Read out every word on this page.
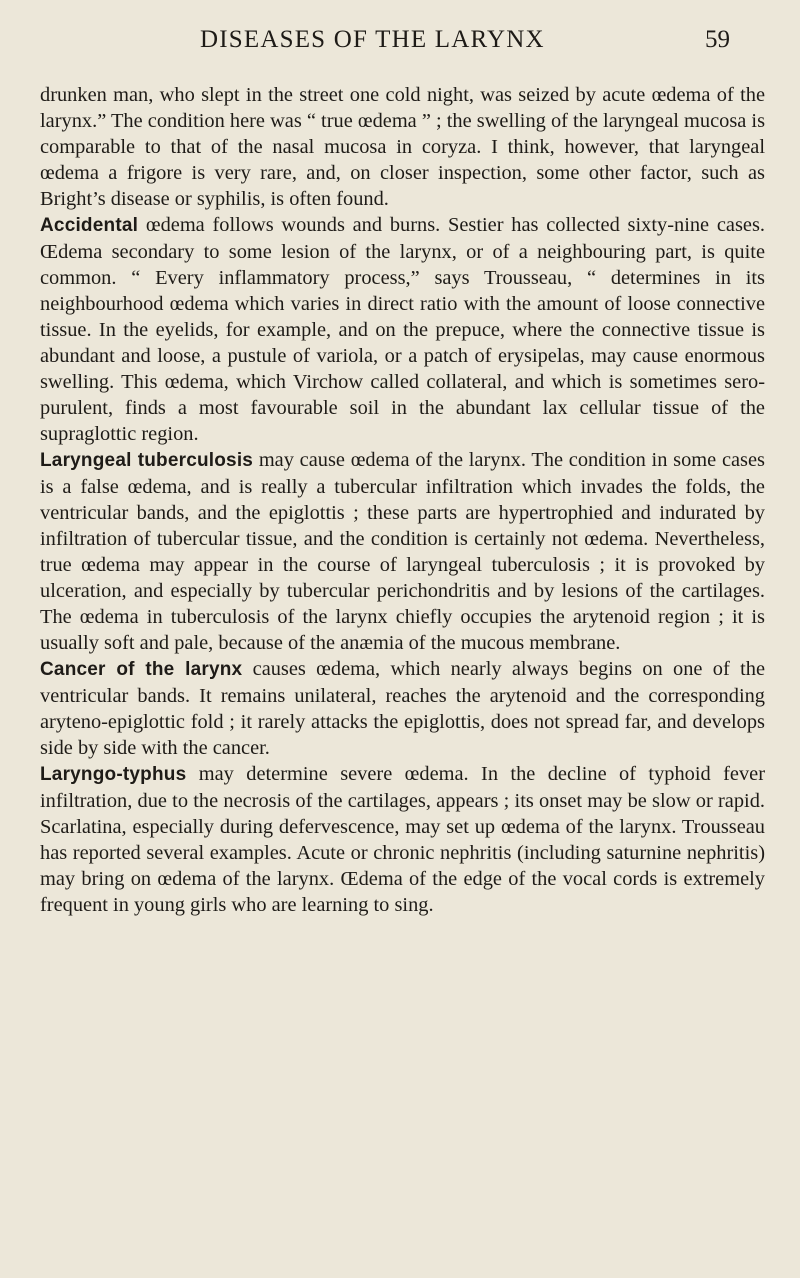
DISEASES OF THE LARYNX	59

drunken man, who slept in the street one cold night, was seized by acute œdema of the larynx.” The condition here was “ true œdema ” ; the swelling of the laryngeal mucosa is comparable to that of the nasal mucosa in coryza. I think, however, that laryngeal œdema a frigore is very rare, and, on closer inspection, some other factor, such as Bright’s disease or syphilis, is often found.

Accidental œdema follows wounds and burns. Sestier has collected sixty-nine cases. Œdema secondary to some lesion of the larynx, or of a neighbouring part, is quite common. “ Every inflammatory process,” says Trousseau, “ determines in its neighbourhood œdema which varies in direct ratio with the amount of loose connective tissue. In the eyelids, for example, and on the prepuce, where the connective tissue is abundant and loose, a pustule of variola, or a patch of erysipelas, may cause enormous swelling. This œdema, which Virchow called collateral, and which is sometimes sero-purulent, finds a most favourable soil in the abundant lax cellular tissue of the supraglottic region.

Laryngeal tuberculosis may cause œdema of the larynx. The condition in some cases is a false œdema, and is really a tubercular infiltration which invades the folds, the ventricular bands, and the epiglottis ; these parts are hypertrophied and indurated by infiltration of tubercular tissue, and the condition is certainly not œdema. Nevertheless, true œdema may appear in the course of laryngeal tuberculosis ; it is provoked by ulceration, and especially by tubercular perichondritis and by lesions of the cartilages. The œdema in tuberculosis of the larynx chiefly occupies the arytenoid region ; it is usually soft and pale, because of the anæmia of the mucous membrane.

Cancer of the larynx causes œdema, which nearly always begins on one of the ventricular bands. It remains unilateral, reaches the arytenoid and the corresponding aryteno-epiglottic fold ; it rarely attacks the epiglottis, does not spread far, and develops side by side with the cancer.

Laryngo-typhus may determine severe œdema. In the decline of typhoid fever infiltration, due to the necrosis of the cartilages, appears ; its onset may be slow or rapid. Scarlatina, especially during defervescence, may set up œdema of the larynx. Trousseau has reported several examples. Acute or chronic nephritis (including saturnine nephritis) may bring on œdema of the larynx. Œdema of the edge of the vocal cords is extremely frequent in young girls who are learning to sing.
